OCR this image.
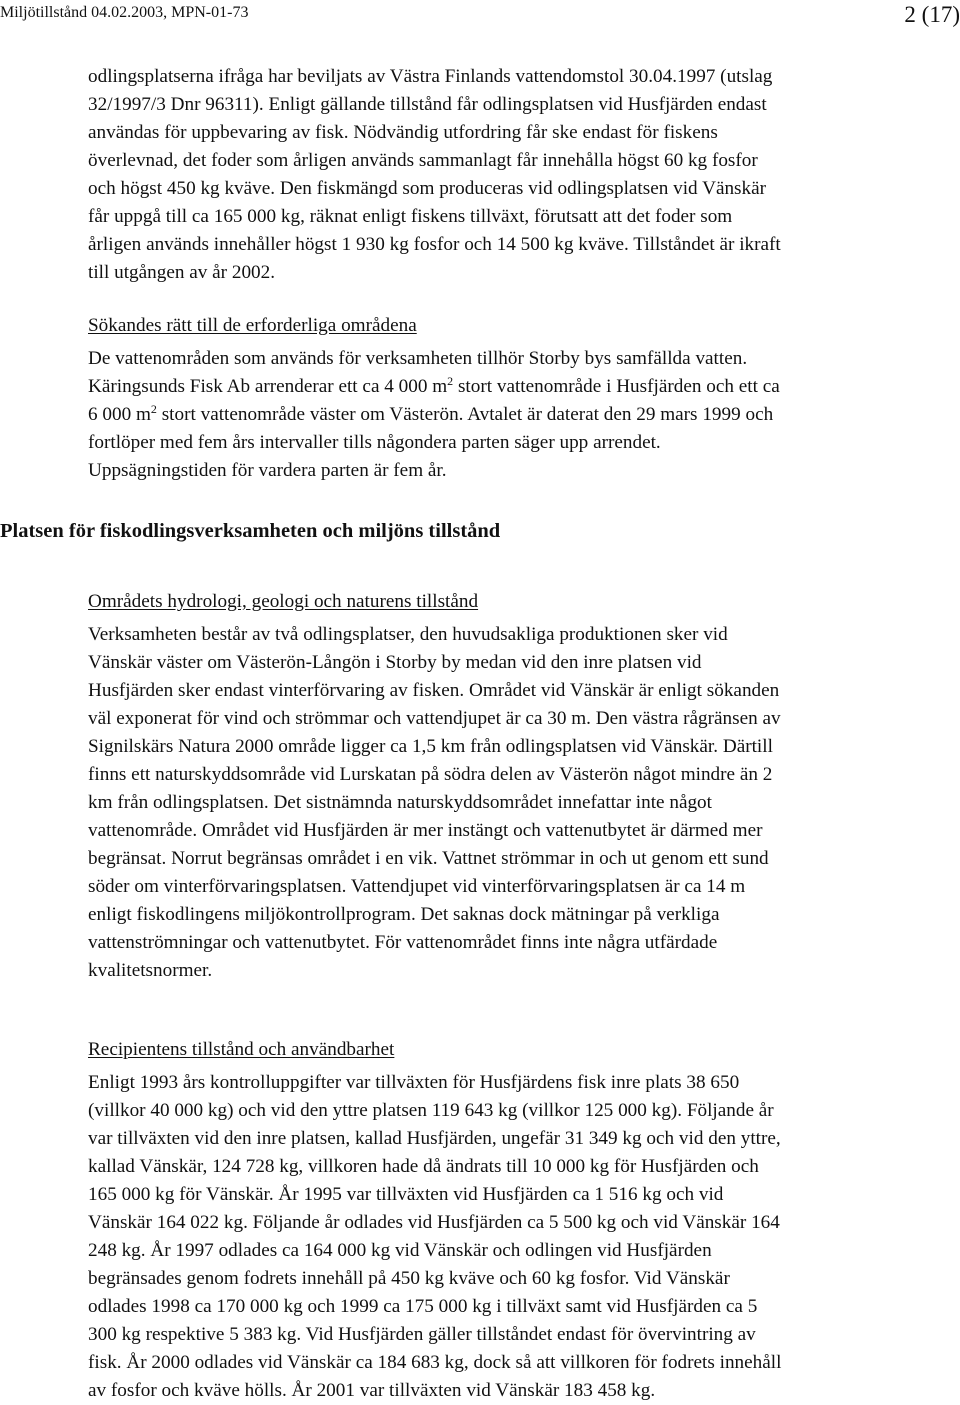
Miljötillstånd 04.02.2003, MPN-01-73	2 (17)
odlingsplatserna ifråga har beviljats av Västra Finlands vattendomstol 30.04.1997 (utslag
32/1997/3 Dnr 96311). Enligt gällande tillstånd får odlingsplatsen vid Husfjärden endast
användas för uppbevaring av fisk. Nödvändig utfordring får ske endast för fiskens
överlevnad, det foder som årligen används sammanlagt får innehålla högst 60 kg fosfor
och högst 450 kg kväve. Den fiskmängd som produceras vid odlingsplatsen vid Vänskär
får uppgå till ca 165 000 kg, räknat enligt fiskens tillväxt, förutsatt att det foder som
årligen används innehåller högst 1 930 kg fosfor och 14 500 kg kväve. Tillståndet är ikraft
till utgången av år 2002.
Sökandes rätt till de erforderliga områdena
De vattenområden som används för verksamheten tillhör Storby bys samfällda vatten.
Käringsunds Fisk Ab arrenderar ett ca 4 000 $m^2$ stort vattenområde i Husfjärden och ett ca
6 000 $m^2$ stort vattenområde väster om Västerön. Avtalet är daterat den 29 mars 1999 och
fortlöper med fem års intervaller tills någondera parten säger upp arrendet.
Uppsägningstiden för vardera parten är fem år.
Platsen för fiskodlingsverksamheten och miljöns tillstånd
Områdets hydrologi, geologi och naturens tillstånd
Verksamheten består av två odlingsplatser, den huvudsakliga produktionen sker vid
Vänskär väster om Västerön-Långön i Storby by medan vid den inre platsen vid
Husfjärden sker endast vinterförvaring av fisken. Området vid Vänskär är enligt sökanden
väl exponerat för vind och strömmar och vattendjupet är ca 30 m. Den västra rågränsen av
Signilskärs Natura 2000 område ligger ca 1,5 km från odlingsplatsen vid Vänskär. Därtill
finns ett naturskyddsområde vid Lurskatan på södra delen av Västerön något mindre än 2
km från odlingsplatsen. Det sistnämnda naturskyddsområdet innefattar inte något
vattenområde. Området vid Husfjärden är mer instängt och vattenutbytet är därmed mer
begränsat. Norrut begränsas området i en vik. Vattnet strömmar in och ut genom ett sund
söder om vinterförvaringsplatsen. Vattendjupet vid vinterförvaringsplatsen är ca 14 m
enligt fiskodlingens miljökontrollprogram. Det saknas dock mätningar på verkliga
vattenströmningar och vattenutbytet. För vattenområdet finns inte några utfärdade
kvalitetsnormer.
Recipientens tillstånd och användbarhet
Enligt 1993 års kontrolluppgifter var tillväxten för Husfjärdens fisk inre plats 38 650
(villkor 40 000 kg) och vid den yttre platsen 119 643 kg (villkor 125 000 kg). Följande år
var tillväxten vid den inre platsen, kallad Husfjärden, ungefär 31 349 kg och vid den yttre,
kallad Vänskär, 124 728 kg, villkoren hade då ändrats till 10 000 kg för Husfjärden och
165 000 kg för Vänskär. År 1995 var tillväxten vid Husfjärden ca 1 516 kg och vid
Vänskär 164 022 kg. Följande år odlades vid Husfjärden ca 5 500 kg och vid Vänskär 164
248 kg. År 1997 odlades ca 164 000 kg vid Vänskär och odlingen vid Husfjärden
begränsades genom fodrets innehåll på 450 kg kväve och 60 kg fosfor. Vid Vänskär
odlades 1998 ca 170 000 kg och 1999 ca 175 000 kg i tillväxt samt vid Husfjärden ca 5
300 kg respektive 5 383 kg. Vid Husfjärden gäller tillståndet endast för övervintring av
fisk. År 2000 odlades vid Vänskär ca 184 683 kg, dock så att villkoren för fodrets innehåll
av fosfor och kväve hölls. År 2001 var tillväxten vid Vänskär 183 458 kg.
